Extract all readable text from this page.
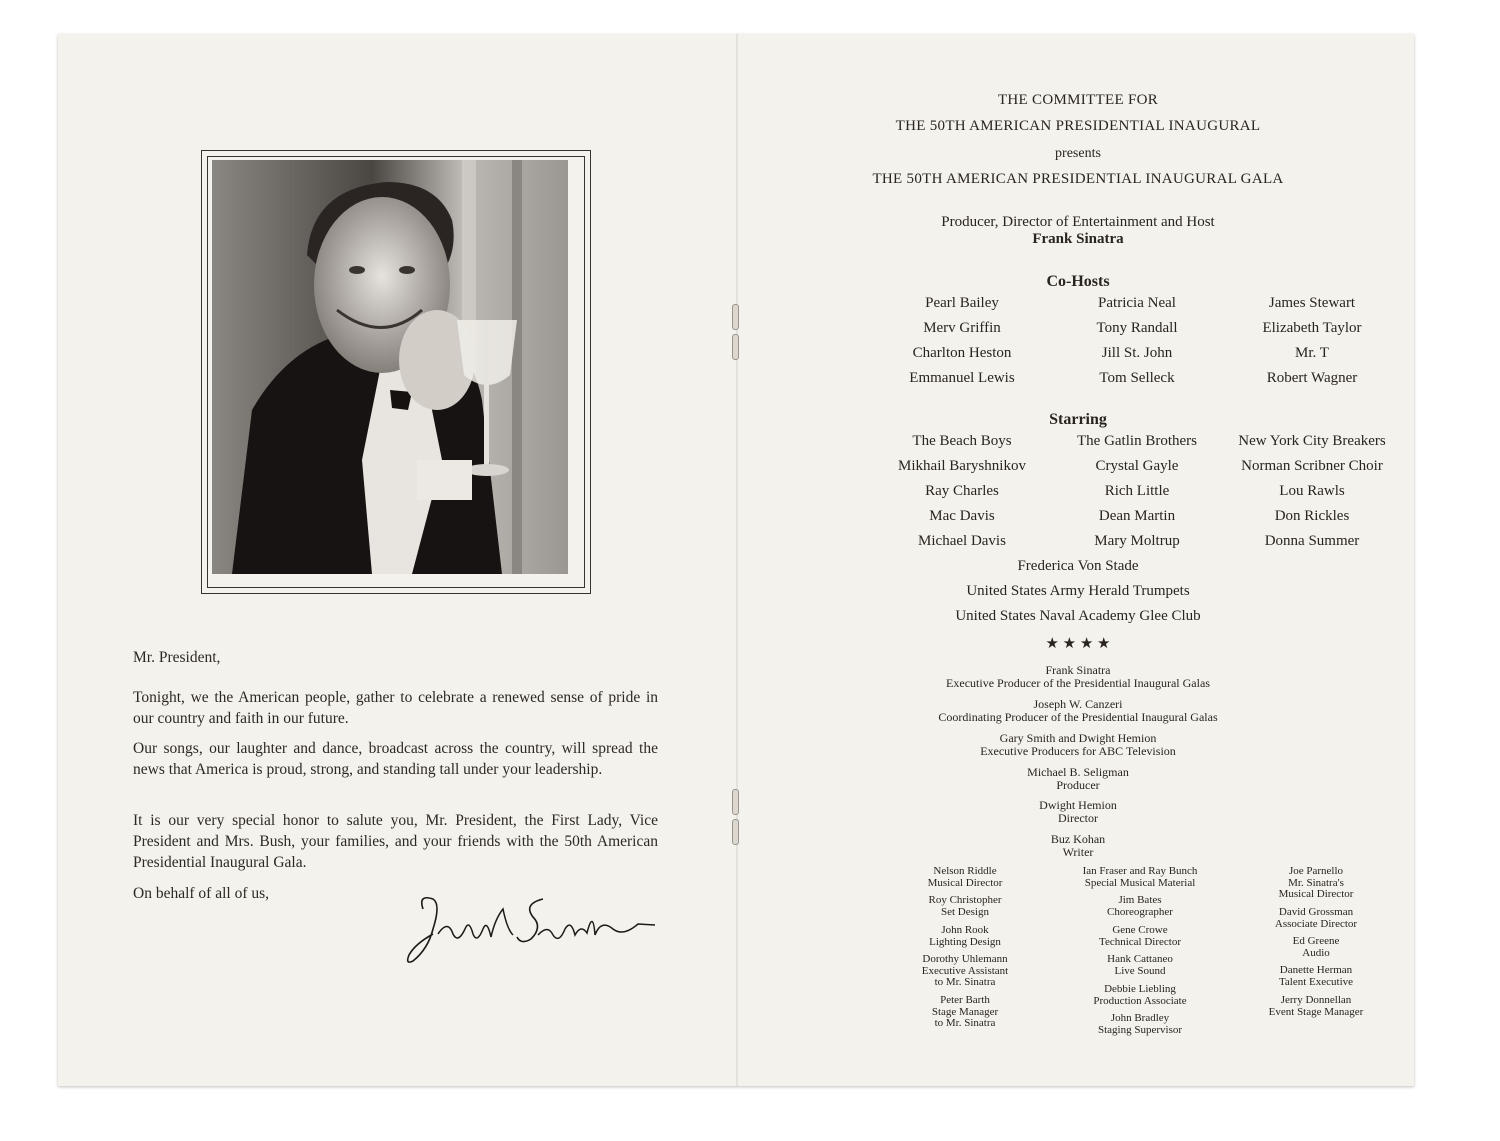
Mr. President,
Tonight, we the American people, gather to celebrate a renewed sense of pride in our country and faith in our future.
Our songs, our laughter and dance, broadcast across the country, will spread the news that America is proud, strong, and standing tall under your leadership.
It is our very special honor to salute you, Mr. President, the First Lady, Vice President and Mrs. Bush, your families, and your friends with the 50th American Presidential Inaugural Gala.
On behalf of all of us,
THE COMMITTEE FOR
THE 50TH AMERICAN PRESIDENTIAL INAUGURAL
presents
THE 50TH AMERICAN PRESIDENTIAL INAUGURAL GALA
Producer, Director of Entertainment and Host
Frank Sinatra
Co-Hosts
Pearl Bailey
Merv Griffin
Charlton Heston
Emmanuel Lewis
Patricia Neal
Tony Randall
Jill St. John
Tom Selleck
James Stewart
Elizabeth Taylor
Mr. T
Robert Wagner
Starring
The Beach Boys
Mikhail Baryshnikov
Ray Charles
Mac Davis
Michael Davis
The Gatlin Brothers
Crystal Gayle
Rich Little
Dean Martin
Mary Moltrup
New York City Breakers
Norman Scribner Choir
Lou Rawls
Don Rickles
Donna Summer
Frederica Von Stade
United States Army Herald Trumpets
United States Naval Academy Glee Club
★ ★ ★ ★
Frank Sinatra
Executive Producer of the Presidential Inaugural Galas
Joseph W. Canzeri
Coordinating Producer of the Presidential Inaugural Galas
Gary Smith and Dwight Hemion
Executive Producers for ABC Television
Michael B. Seligman
Producer
Dwight Hemion
Director
Buz Kohan
Writer
Nelson Riddle
Musical Director
Roy Christopher
Set Design
John Rook
Lighting Design
Dorothy Uhlemann
Executive Assistant
to Mr. Sinatra
Peter Barth
Stage Manager
to Mr. Sinatra
Ian Fraser and Ray Bunch
Special Musical Material
Jim Bates
Choreographer
Gene Crowe
Technical Director
Hank Cattaneo
Live Sound
Debbie Liebling
Production Associate
John Bradley
Staging Supervisor
Joe Parnello
Mr. Sinatra's
Musical Director
David Grossman
Associate Director
Ed Greene
Audio
Danette Herman
Talent Executive
Jerry Donnellan
Event Stage Manager
